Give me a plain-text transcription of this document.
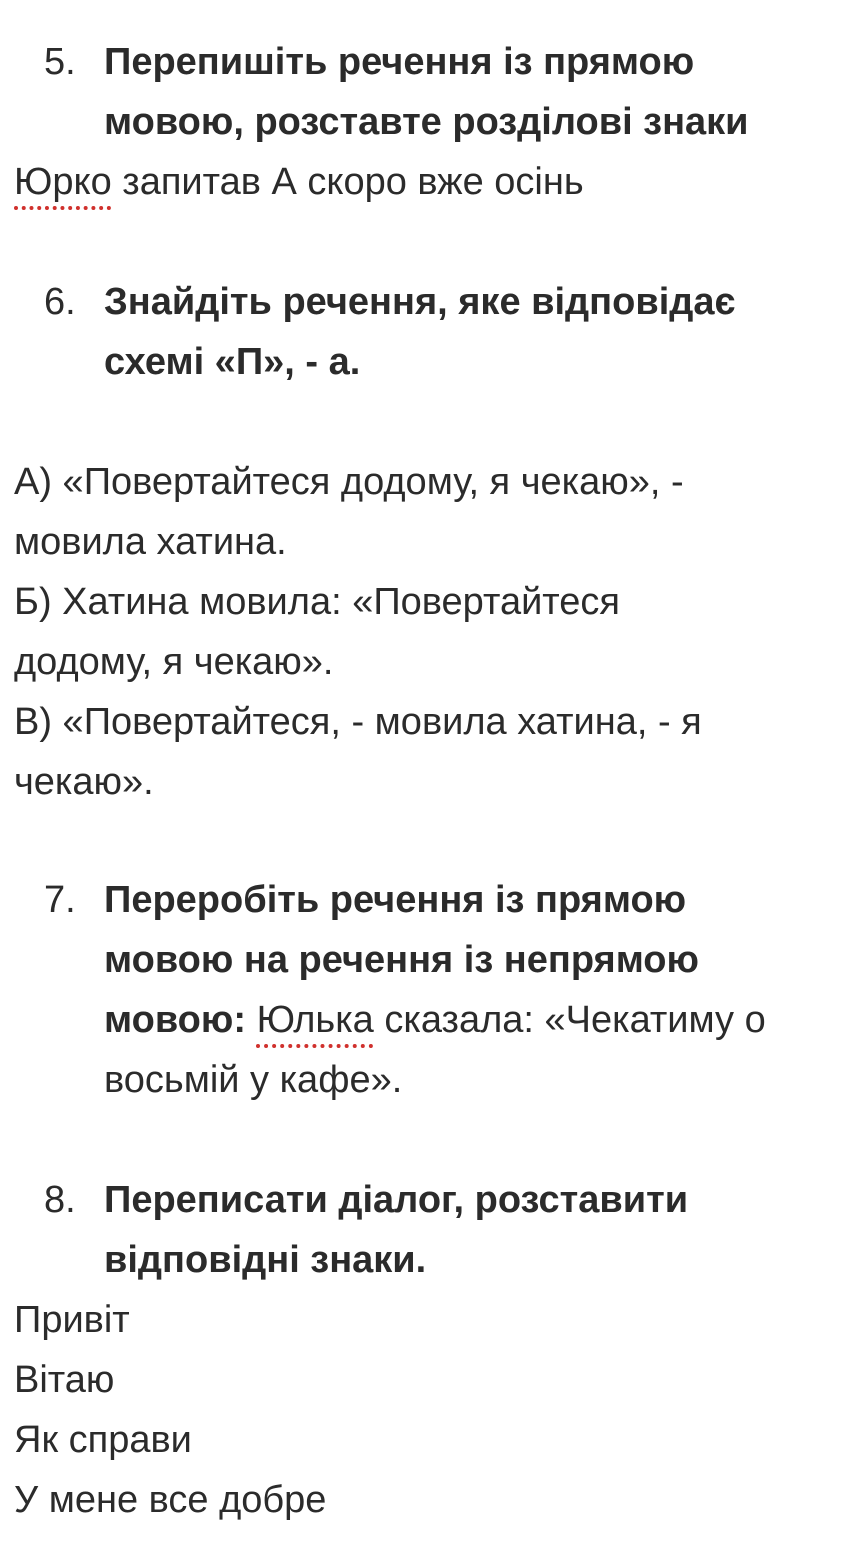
5. Перепишіть речення із прямою
мовою, розставте розділові знаки
Юрко запитав А скоро вже осінь
6. Знайдіть речення, яке відповідає
схемі «П», - а.
А) «Повертайтеся додому, я чекаю», -
мовила хатина.
Б) Хатина мовила: «Повертайтеся
додому, я чекаю».
В) «Повертайтеся, - мовила хатина, - я
чекаю».
7. Переробіть речення із прямою
мовою на речення із непрямою
мовою: Юлька сказала: «Чекатиму о
восьмій у кафе».
8. Переписати діалог, розставити
відповідні знаки.
Привіт
Вітаю
Як справи
У мене все добре
